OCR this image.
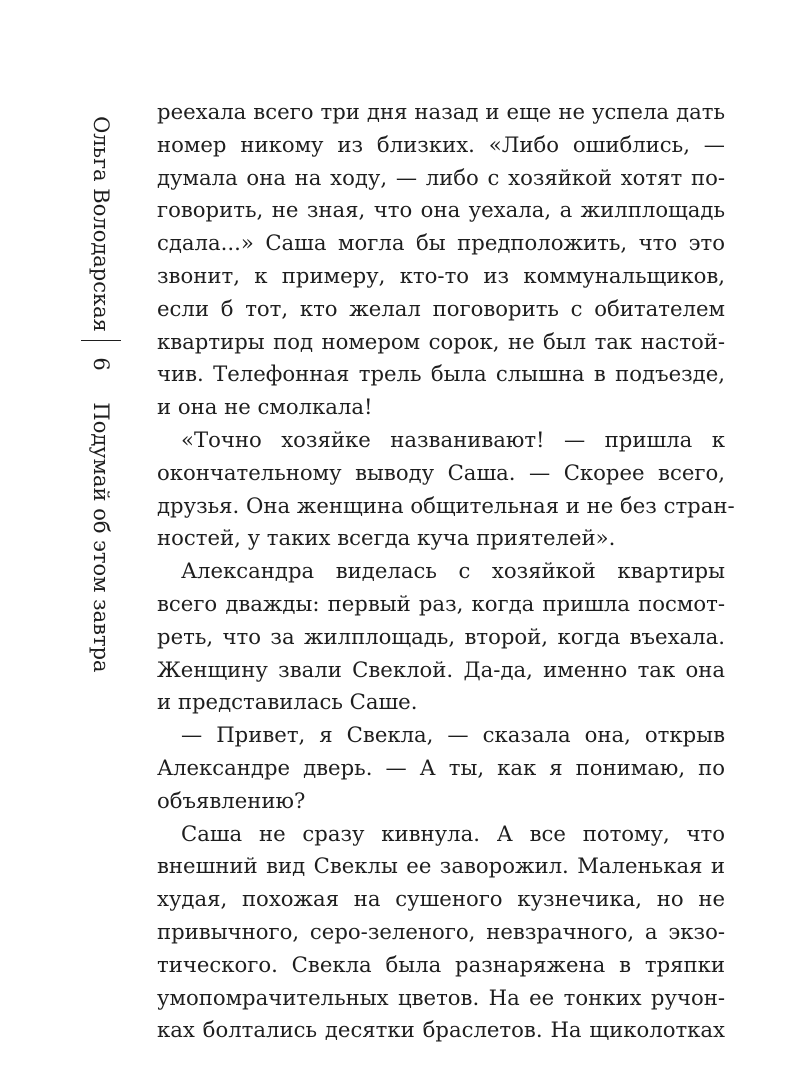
Ольга Володарская
6
Подумай об этом завтра
реехала всего три дня назад и еще не успела дать
номер никому из близких. «Либо ошиблись, —
думала она на ходу, — либо с хозяйкой хотят по-
говорить, не зная, что она уехала, а жилплощадь
сдала...» Саша могла бы предположить, что это
звонит, к примеру, кто-то из коммунальщиков,
если б тот, кто желал поговорить с обитателем
квартиры под номером сорок, не был так настой-
чив. Телефонная трель была слышна в подъезде,
и она не смолкала!
«Точно хозяйке названивают! — пришла к
окончательному выводу Саша. — Скорее всего,
друзья. Она женщина общительная и не без стран-
ностей, у таких всегда куча приятелей».
Александра виделась с хозяйкой квартиры
всего дважды: первый раз, когда пришла посмот-
реть, что за жилплощадь, второй, когда въехала.
Женщину звали Свеклой. Да-да, именно так она
и представилась Саше.
— Привет, я Свекла, — сказала она, открыв
Александре дверь. — А ты, как я понимаю, по
объявлению?
Саша не сразу кивнула. А все потому, что
внешний вид Свеклы ее заворожил. Маленькая и
худая, похожая на сушеного кузнечика, но не
привычного, серо-зеленого, невзрачного, а экзо-
тического. Свекла была разнаряжена в тряпки
умопомрачительных цветов. На ее тонких ручон-
ках болтались десятки браслетов. На щиколотках
